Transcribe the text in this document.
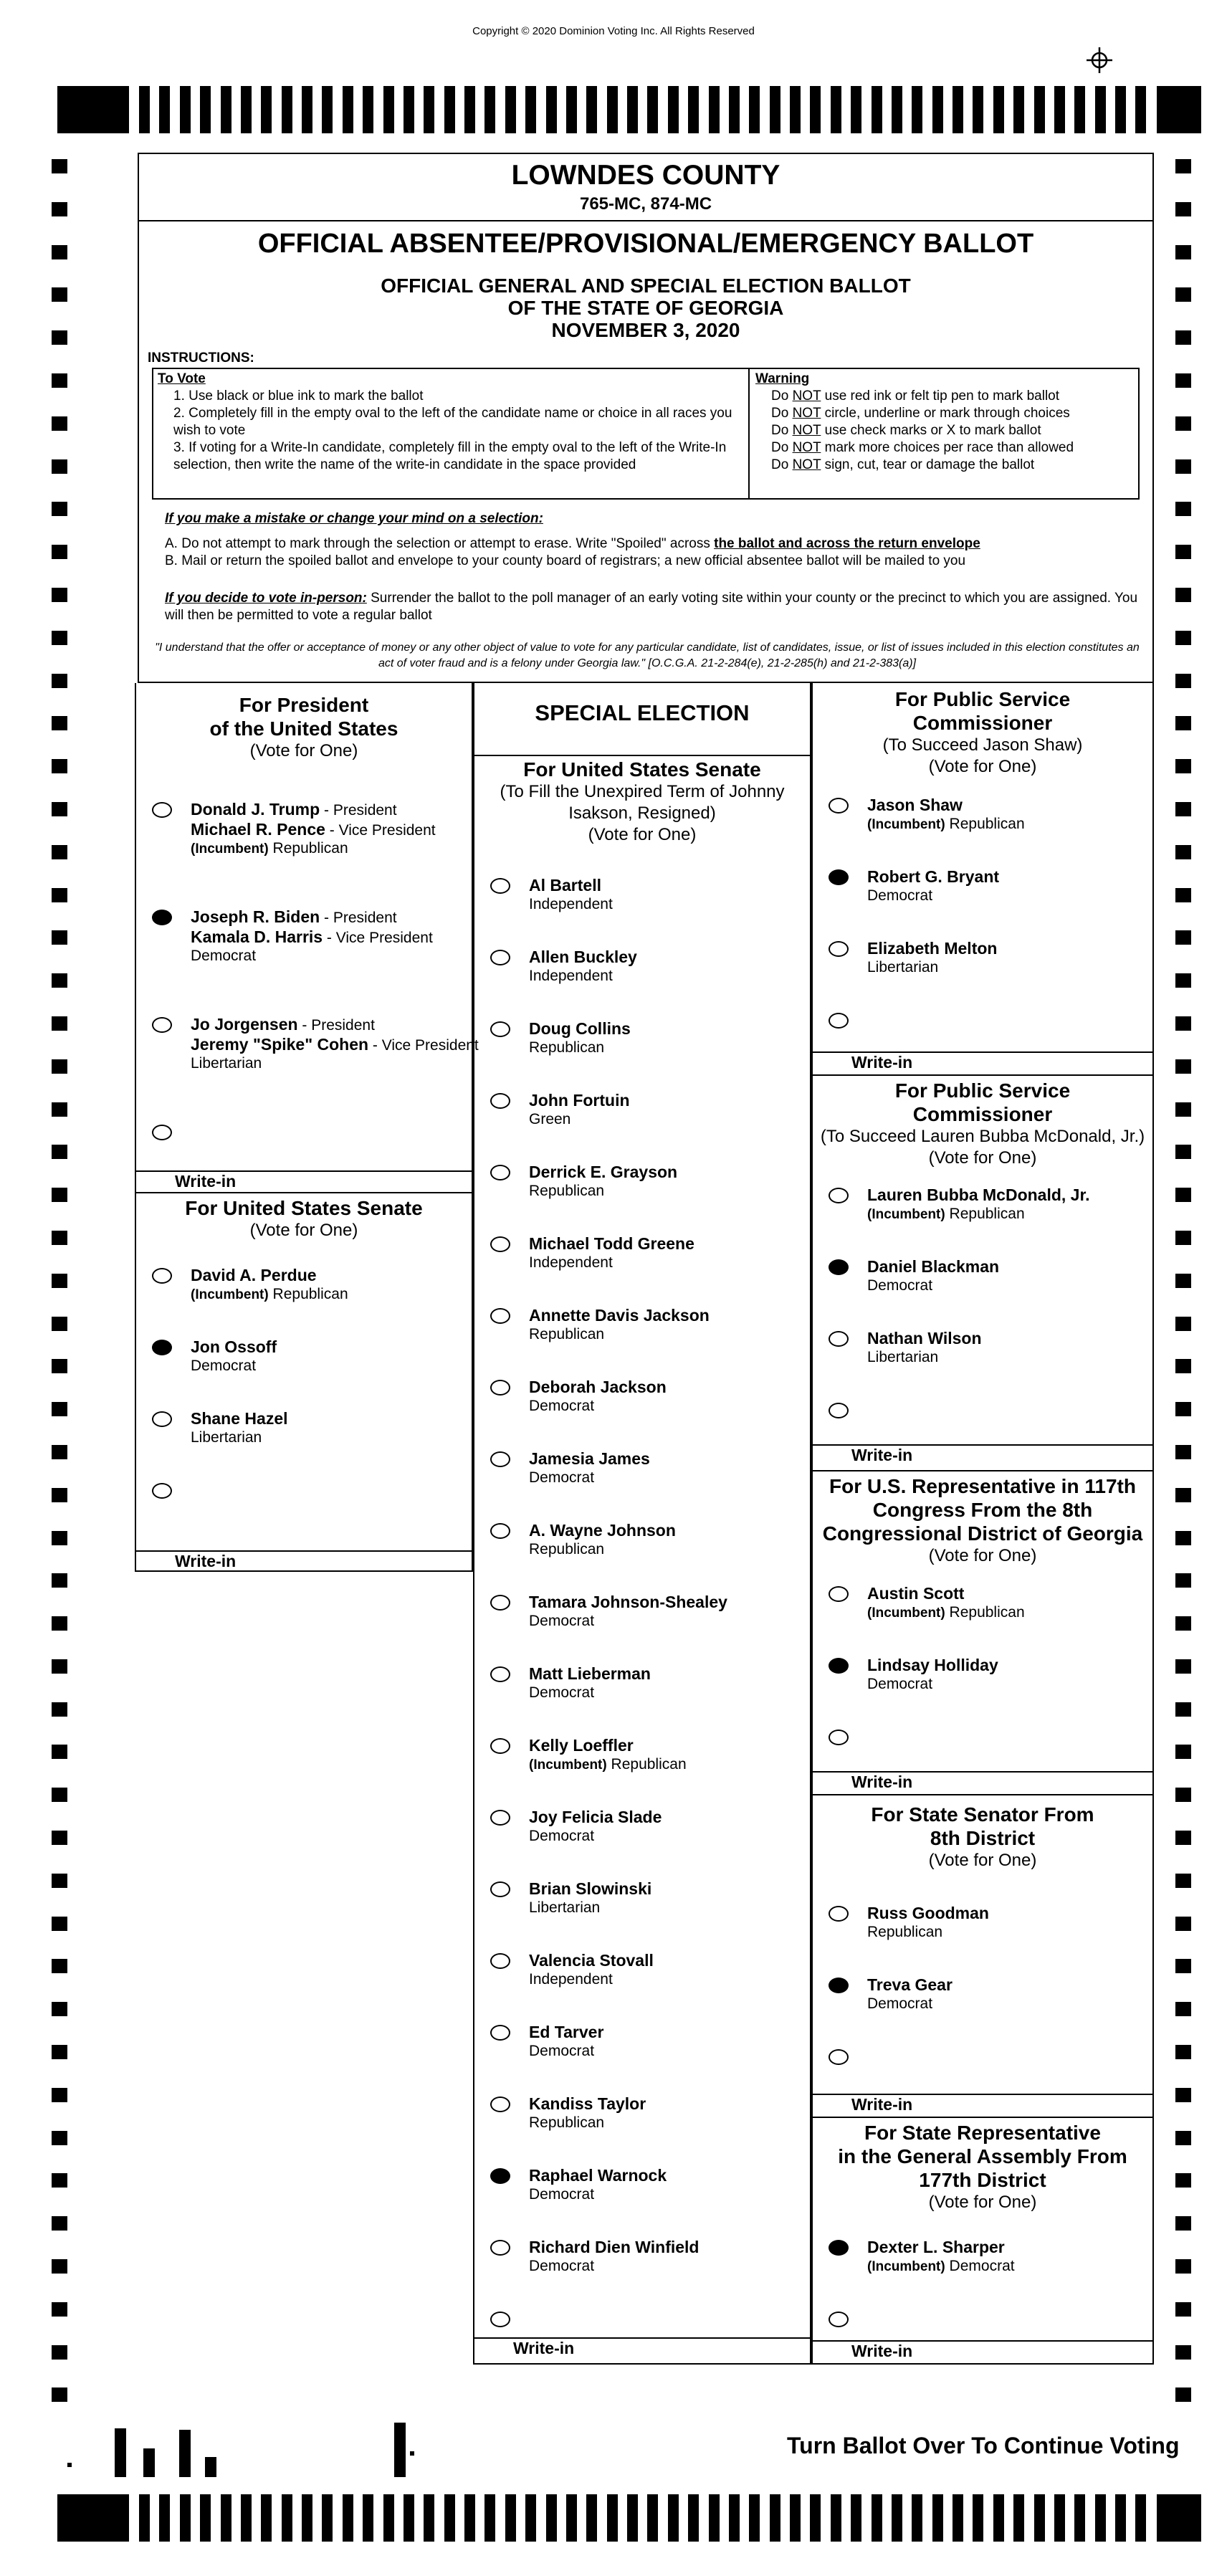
Copyright © 2020 Dominion Voting Inc. All Rights Reserved
LOWNDES COUNTY
765-MC, 874-MC
OFFICIAL ABSENTEE/PROVISIONAL/EMERGENCY BALLOT
OFFICIAL GENERAL AND SPECIAL ELECTION BALLOT
OF THE STATE OF GEORGIA
NOVEMBER 3, 2020
INSTRUCTIONS:
To Vote
1. Use black or blue ink to mark the ballot
2. Completely fill in the empty oval to the left of the candidate name or choice in all races you wish to vote
3. If voting for a Write-In candidate, completely fill in the empty oval to the left of the Write-In selection, then write the name of the write-in candidate in the space provided
Warning
Do NOT use red ink or felt tip pen to mark ballot
Do NOT circle, underline or mark through choices
Do NOT use check marks or X to mark ballot
Do NOT mark more choices per race than allowed
Do NOT sign, cut, tear or damage the ballot
If you make a mistake or change your mind on a selection:
A. Do not attempt to mark through the selection or attempt to erase. Write "Spoiled" across the ballot and across the return envelope
B. Mail or return the spoiled ballot and envelope to your county board of registrars; a new official absentee ballot will be mailed to you
If you decide to vote in-person: Surrender the ballot to the poll manager of an early voting site within your county or the precinct to which you are assigned. You will then be permitted to vote a regular ballot
"I understand that the offer or acceptance of money or any other object of value to vote for any particular candidate, list of candidates, issue, or list of issues included in this election constitutes an act of voter fraud and is a felony under Georgia law." [O.C.G.A. 21-2-284(e), 21-2-285(h) and 21-2-383(a)]
For President
of the United States
(Vote for One)
Donald J. Trump - President
Michael R. Pence - Vice President
(Incumbent) Republican
Joseph R. Biden - President
Kamala D. Harris - Vice President
Democrat
Jo Jorgensen - President
Jeremy "Spike" Cohen - Vice President
Libertarian
Write-in
For United States Senate
(Vote for One)
David A. Perdue
(Incumbent) Republican
Jon Ossoff
Democrat
Shane Hazel
Libertarian
Write-in
SPECIAL ELECTION
For United States Senate
(To Fill the Unexpired Term of Johnny
Isakson, Resigned)
(Vote for One)
Al Bartell
Independent
Allen Buckley
Independent
Doug Collins
Republican
John Fortuin
Green
Derrick E. Grayson
Republican
Michael Todd Greene
Independent
Annette Davis Jackson
Republican
Deborah Jackson
Democrat
Jamesia James
Democrat
A. Wayne Johnson
Republican
Tamara Johnson-Shealey
Democrat
Matt Lieberman
Democrat
Kelly Loeffler
(Incumbent) Republican
Joy Felicia Slade
Democrat
Brian Slowinski
Libertarian
Valencia Stovall
Independent
Ed Tarver
Democrat
Kandiss Taylor
Republican
Raphael Warnock
Democrat
Richard Dien Winfield
Democrat
Write-in
For Public Service
Commissioner
(To Succeed Jason Shaw)
(Vote for One)
Jason Shaw
(Incumbent) Republican
Robert G. Bryant
Democrat
Elizabeth Melton
Libertarian
Write-in
For Public Service
Commissioner
(To Succeed Lauren Bubba McDonald, Jr.)
(Vote for One)
Lauren Bubba McDonald, Jr.
(Incumbent) Republican
Daniel Blackman
Democrat
Nathan Wilson
Libertarian
Write-in
For U.S. Representative in 117th
Congress From the 8th
Congressional District of Georgia
(Vote for One)
Austin Scott
(Incumbent) Republican
Lindsay Holliday
Democrat
Write-in
For State Senator From
8th District
(Vote for One)
Russ Goodman
Republican
Treva Gear
Democrat
Write-in
For State Representative
in the General Assembly From
177th District
(Vote for One)
Dexter L. Sharper
(Incumbent) Democrat
Write-in
Turn Ballot Over To Continue Voting
